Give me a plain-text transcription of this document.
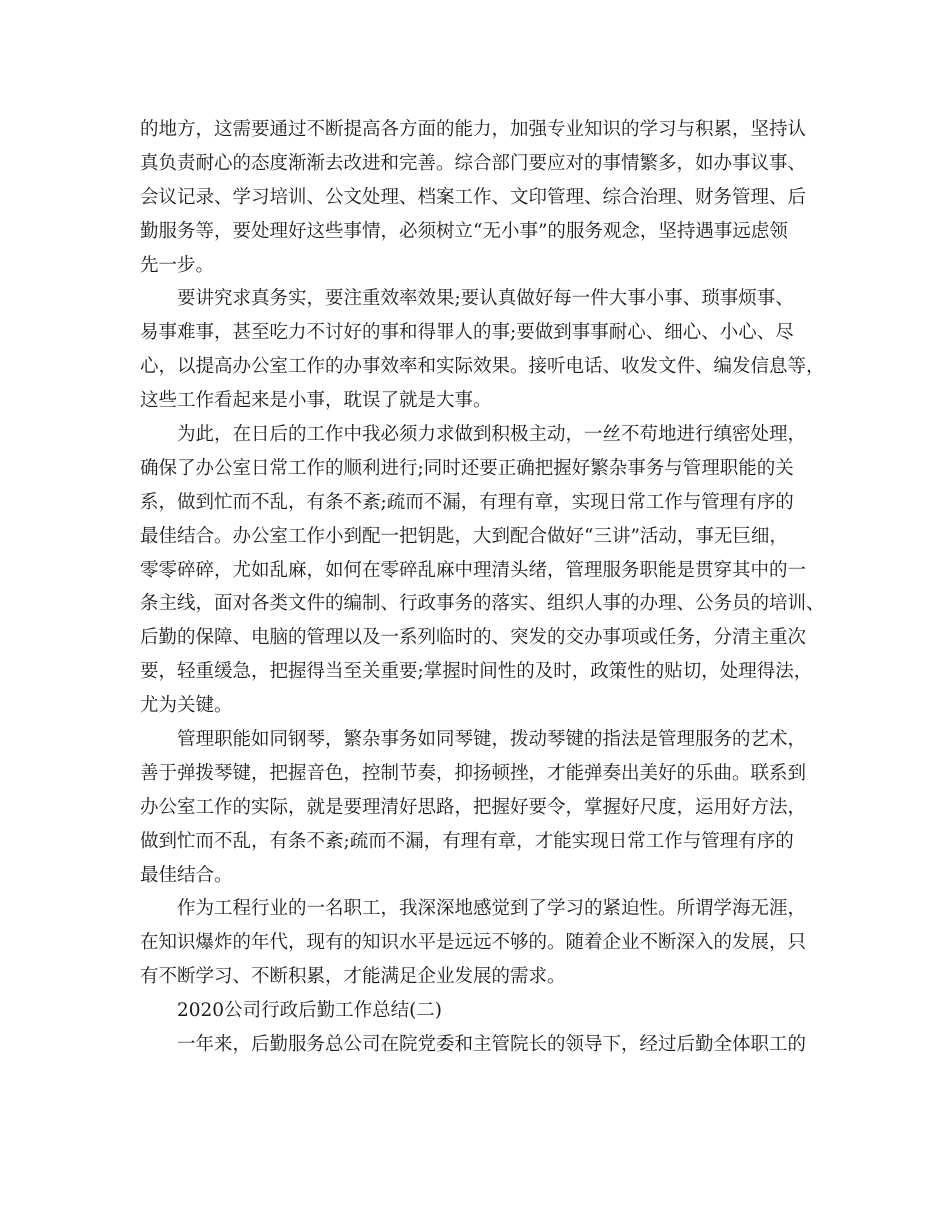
的地方，这需要通过不断提高各方面的能力，加强专业知识的学习与积累，坚持认
真负责耐心的态度渐渐去改进和完善。综合部门要应对的事情繁多，如办事议事、
会议记录、学习培训、公文处理、档案工作、文印管理、综合治理、财务管理、后
勤服务等，要处理好这些事情，必须树立“无小事”的服务观念，坚持遇事远虑领
先一步。
要讲究求真务实，要注重效率效果;要认真做好每一件大事小事、琐事烦事、
易事难事，甚至吃力不讨好的事和得罪人的事;要做到事事耐心、细心、小心、尽
心，以提高办公室工作的办事效率和实际效果。接听电话、收发文件、编发信息等，
这些工作看起来是小事，耽误了就是大事。
为此，在日后的工作中我必须力求做到积极主动，一丝不苟地进行缜密处理，
确保了办公室日常工作的顺利进行;同时还要正确把握好繁杂事务与管理职能的关
系，做到忙而不乱，有条不紊;疏而不漏，有理有章，实现日常工作与管理有序的
最佳结合。办公室工作小到配一把钥匙，大到配合做好“三讲”活动，事无巨细，
零零碎碎，尤如乱麻，如何在零碎乱麻中理清头绪，管理服务职能是贯穿其中的一
条主线，面对各类文件的编制、行政事务的落实、组织人事的办理、公务员的培训、
后勤的保障、电脑的管理以及一系列临时的、突发的交办事项或任务，分清主重次
要，轻重缓急，把握得当至关重要;掌握时间性的及时，政策性的贴切，处理得法，
尤为关键。
管理职能如同钢琴，繁杂事务如同琴键，拨动琴键的指法是管理服务的艺术，
善于弹拨琴键，把握音色，控制节奏，抑扬顿挫，才能弹奏出美好的乐曲。联系到
办公室工作的实际，就是要理清好思路，把握好要令，掌握好尺度，运用好方法，
做到忙而不乱，有条不紊;疏而不漏，有理有章，才能实现日常工作与管理有序的
最佳结合。
作为工程行业的一名职工，我深深地感觉到了学习的紧迫性。所谓学海无涯，
在知识爆炸的年代，现有的知识水平是远远不够的。随着企业不断深入的发展，只
有不断学习、不断积累，才能满足企业发展的需求。
2020公司行政后勤工作总结(二)
一年来，后勤服务总公司在院党委和主管院长的领导下，经过后勤全体职工的
